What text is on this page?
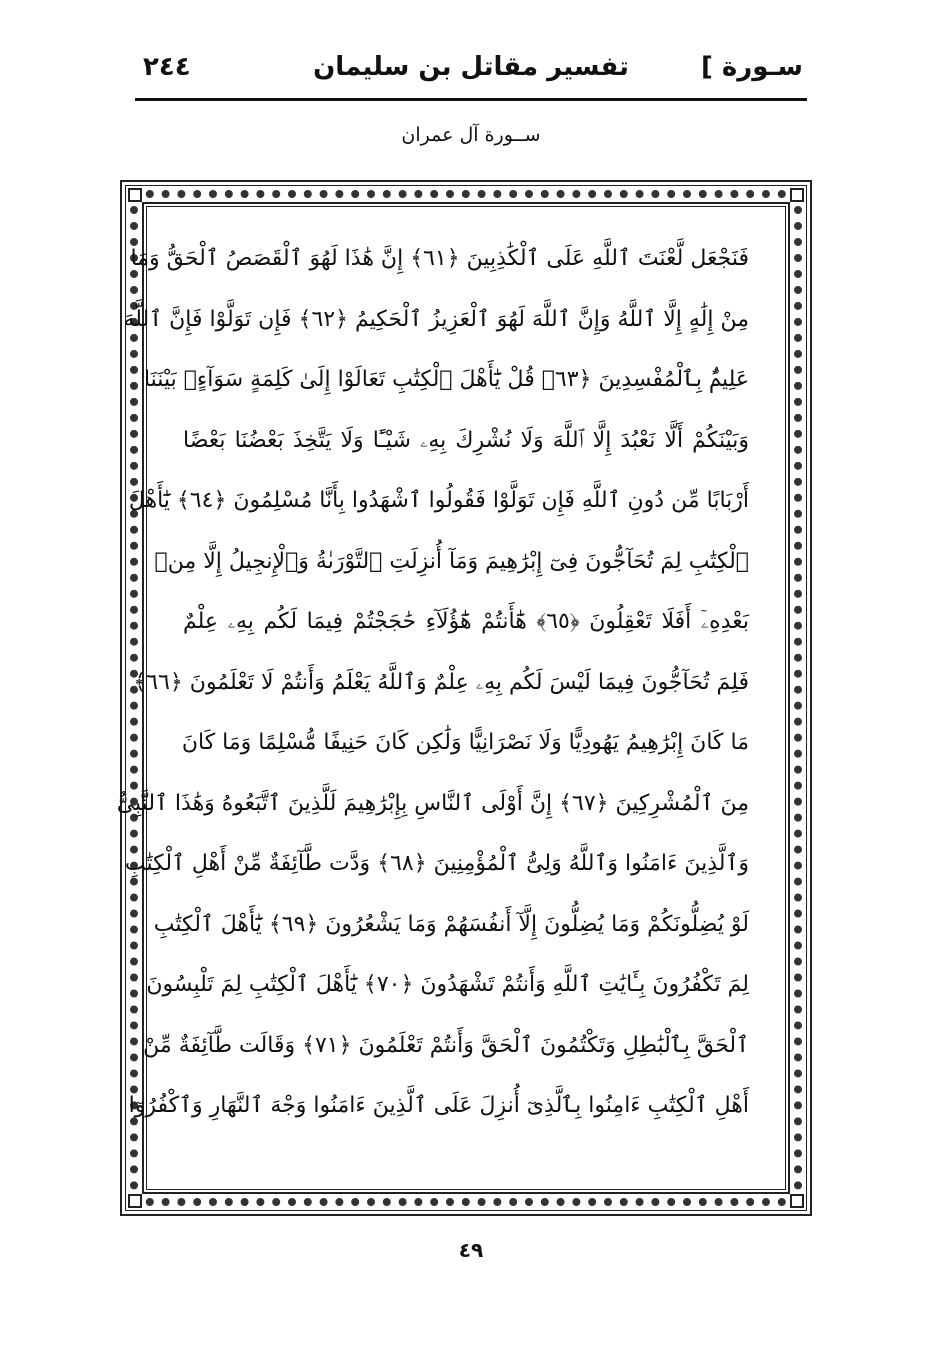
٢٤٤	تفسير مقاتل بن سليمان	[ سـورة
ســورة آل عمران
فَنَجْعَل لَّعْنَتَ ٱللَّهِ عَلَى ٱلْكَٰذِبِينَ ﴿٦١﴾ إِنَّ هَٰذَا لَهُوَ ٱلْقَصَصُ ٱلْحَقُّ وَمَا
مِنْ إِلَٰهٍ إِلَّا ٱللَّهُ وَإِنَّ ٱللَّهَ لَهُوَ ٱلْعَزِيزُ ٱلْحَكِيمُ ﴿٦٢﴾ فَإِن تَوَلَّوْا فَإِنَّ ٱللَّهَ
عَلِيمٌۢ بِٱلْمُفْسِدِينَ ﴿٦٣﴾ قُلْ يَٰٓأَهْلَ ٱلْكِتَٰبِ تَعَالَوْا إِلَىٰ كَلِمَةٍ سَوَآءٍۭ بَيْنَنَا
وَبَيْنَكُمْ أَلَّا نَعْبُدَ إِلَّا ٱللَّهَ وَلَا نُشْرِكَ بِهِۦ شَيْـًٔا وَلَا يَتَّخِذَ بَعْضُنَا بَعْضًا
أَرْبَابًا مِّن دُونِ ٱللَّهِ فَإِن تَوَلَّوْا فَقُولُوا ٱشْهَدُوا بِأَنَّا مُسْلِمُونَ ﴿٦٤﴾ يَٰٓأَهْلَ
ٱلْكِتَٰبِ لِمَ تُحَآجُّونَ فِىٓ إِبْرَٰهِيمَ وَمَآ أُنزِلَتِ ٱلتَّوْرَىٰةُ وَٱلْإِنجِيلُ إِلَّا مِنۢ
بَعْدِهِۦٓ أَفَلَا تَعْقِلُونَ ﴿٦٥﴾ هَٰٓأَنتُمْ هَٰٓؤُلَآءِ حَٰجَجْتُمْ فِيمَا لَكُم بِهِۦ عِلْمٌ
فَلِمَ تُحَآجُّونَ فِيمَا لَيْسَ لَكُم بِهِۦ عِلْمٌ وَٱللَّهُ يَعْلَمُ وَأَنتُمْ لَا تَعْلَمُونَ ﴿٦٦﴾
مَا كَانَ إِبْرَٰهِيمُ يَهُودِيًّا وَلَا نَصْرَانِيًّا وَلَٰكِن كَانَ حَنِيفًا مُّسْلِمًا وَمَا كَانَ
مِنَ ٱلْمُشْرِكِينَ ﴿٦٧﴾ إِنَّ أَوْلَى ٱلنَّاسِ بِإِبْرَٰهِيمَ لَلَّذِينَ ٱتَّبَعُوهُ وَهَٰذَا ٱلنَّبِىُّ
وَٱلَّذِينَ ءَامَنُوا وَٱللَّهُ وَلِىُّ ٱلْمُؤْمِنِينَ ﴿٦٨﴾ وَدَّت طَّآئِفَةٌ مِّنْ أَهْلِ ٱلْكِتَٰبِ
لَوْ يُضِلُّونَكُمْ وَمَا يُضِلُّونَ إِلَّآ أَنفُسَهُمْ وَمَا يَشْعُرُونَ ﴿٦٩﴾ يَٰٓأَهْلَ ٱلْكِتَٰبِ
لِمَ تَكْفُرُونَ بِـَٔايَٰتِ ٱللَّهِ وَأَنتُمْ تَشْهَدُونَ ﴿٧٠﴾ يَٰٓأَهْلَ ٱلْكِتَٰبِ لِمَ تَلْبِسُونَ
ٱلْحَقَّ بِٱلْبَٰطِلِ وَتَكْتُمُونَ ٱلْحَقَّ وَأَنتُمْ تَعْلَمُونَ ﴿٧١﴾ وَقَالَت طَّآئِفَةٌ مِّنْ
أَهْلِ ٱلْكِتَٰبِ ءَامِنُوا بِٱلَّذِىٓ أُنزِلَ عَلَى ٱلَّذِينَ ءَامَنُوا وَجْهَ ٱلنَّهَارِ وَٱكْفُرُوٓا
٤٩
